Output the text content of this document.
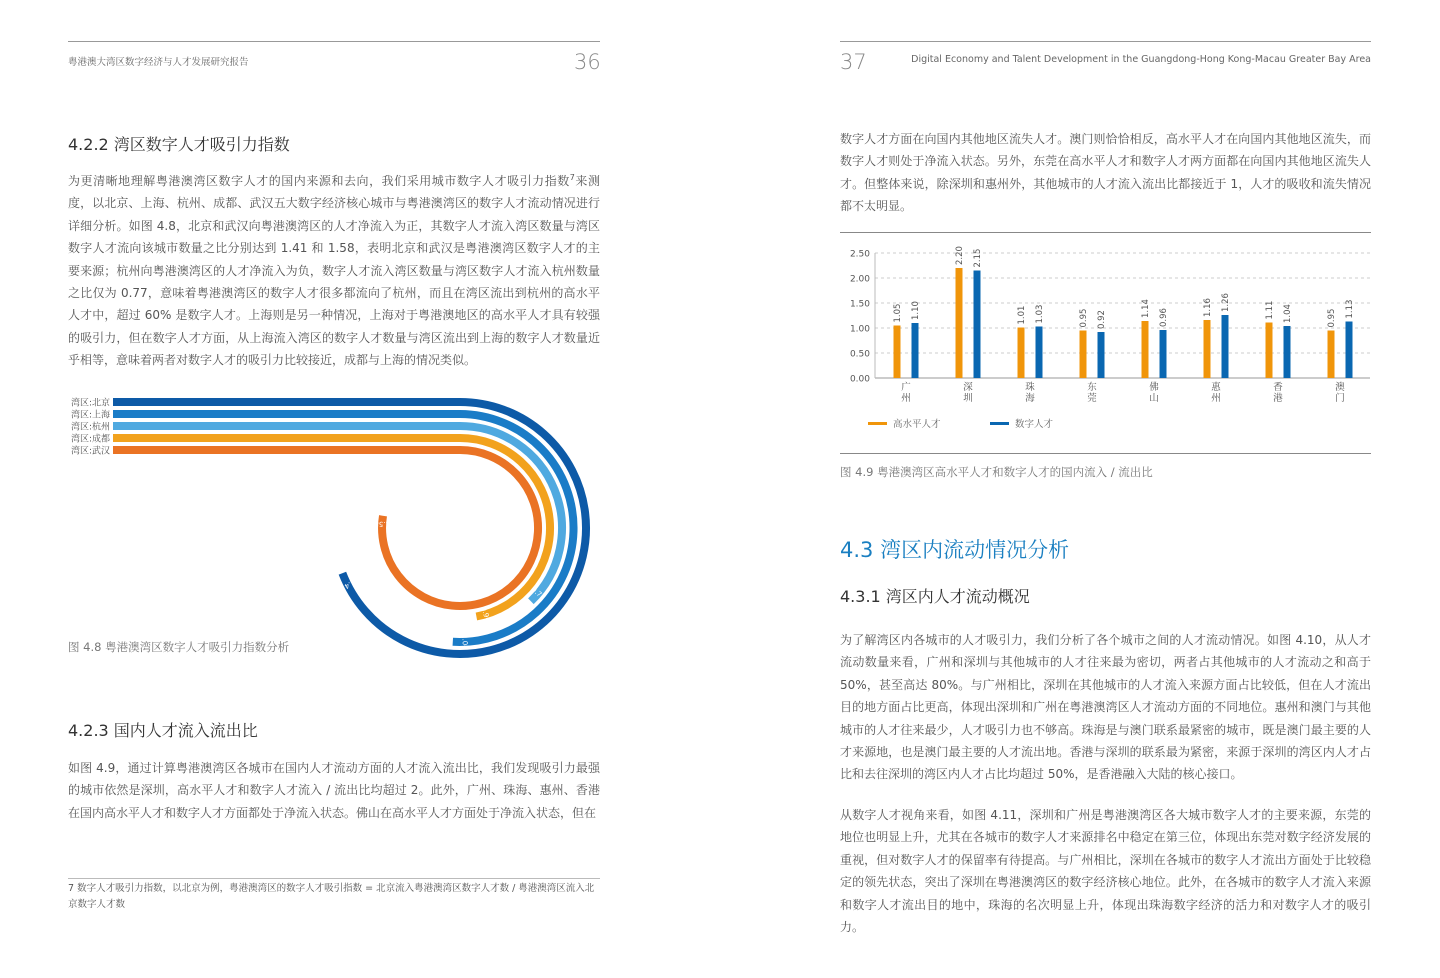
粤港澳大湾区数字经济与人才发展研究报告	36
4.2.2 湾区数字人才吸引力指数
为更清晰地理解粤港澳湾区数字人才的国内来源和去向，我们采用城市数字人才吸引力指数$^7$来测度，以北京、上海、杭州、成都、武汉五大数字经济核心城市与粤港澳湾区的数字人才流动情况进行详细分析。如图 4.8，北京和武汉向粤港澳湾区的人才净流入为正，其数字人才流入湾区数量与湾区数字人才流向该城市数量之比分别达到 1.41 和 1.58，表明北京和武汉是粤港澳湾区数字人才的主要来源；杭州向粤港澳湾区的人才净流入为负，数字人才流入湾区数量与湾区数字人才流入杭州数量之比仅为 0.77，意味着粤港澳湾区的数字人才很多都流向了杭州，而且在湾区流出到杭州的高水平人才中，超过 60% 是数字人才。上海则是另一种情况，上海对于粤港澳地区的高水平人才具有较强的吸引力，但在数字人才方面，从上海流入湾区的数字人才数量与湾区流出到上海的数字人才数量近乎相等，意味着两者对数字人才的吸引力比较接近，成都与上海的情况类似。
湾区:北京
1.41
湾区:上海
1.04
湾区:杭州
0.77
湾区:成都
0.96
湾区:武汉
1.58
图 4.8 粤港澳湾区数字人才吸引力指数分析
4.2.3 国内人才流入流出比
如图 4.9，通过计算粤港澳湾区各城市在国内人才流动方面的人才流入流出比，我们发现吸引力最强的城市依然是深圳，高水平人才和数字人才流入 / 流出比均超过 2。此外，广州、珠海、惠州、香港在国内高水平人才和数字人才方面都处于净流入状态。佛山在高水平人才方面处于净流入状态，但在
7 数字人才吸引力指数，以北京为例，粤港澳湾区的数字人才吸引指数 = 北京流入粤港澳湾区数字人才数 / 粤港澳湾区流入北京数字人才数
37	Digital Economy and Talent Development in the Guangdong-Hong Kong-Macau Greater Bay Area
数字人才方面在向国内其他地区流失人才。澳门则恰恰相反，高水平人才在向国内其他地区流失，而数字人才则处于净流入状态。另外，东莞在高水平人才和数字人才两方面都在向国内其他地区流失人才。但整体来说，除深圳和惠州外，其他城市的人才流入流出比都接近于 1，人才的吸收和流失情况都不太明显。
0.00
0.50
1.00
1.50
2.00
2.50
1.05 1.10
广
州
2.20 2.15
深
圳
1.01 1.03
珠
海
0.95 0.92
东
莞
1.14 0.96
佛
山
1.16 1.26
惠
州
1.11 1.04
香
港
0.95 1.13
澳
门
高水平人才	数字人才
图 4.9 粤港澳湾区高水平人才和数字人才的国内流入 / 流出比
4.3 湾区内流动情况分析
4.3.1 湾区内人才流动概况
为了解湾区内各城市的人才吸引力，我们分析了各个城市之间的人才流动情况。如图 4.10，从人才流动数量来看，广州和深圳与其他城市的人才往来最为密切，两者占其他城市的人才流动之和高于 50%，甚至高达 80%。与广州相比，深圳在其他城市的人才流入来源方面占比较低，但在人才流出目的地方面占比更高，体现出深圳和广州在粤港澳湾区人才流动方面的不同地位。惠州和澳门与其他城市的人才往来最少，人才吸引力也不够高。珠海是与澳门联系最紧密的城市，既是澳门最主要的人才来源地，也是澳门最主要的人才流出地。香港与深圳的联系最为紧密，来源于深圳的湾区内人才占比和去往深圳的湾区内人才占比均超过 50%，是香港融入大陆的核心接口。
从数字人才视角来看，如图 4.11，深圳和广州是粤港澳湾区各大城市数字人才的主要来源，东莞的地位也明显上升，尤其在各城市的数字人才来源排名中稳定在第三位，体现出东莞对数字经济发展的重视，但对数字人才的保留率有待提高。与广州相比，深圳在各城市的数字人才流出方面处于比较稳定的领先状态，突出了深圳在粤港澳湾区的数字经济核心地位。此外，在各城市的数字人才流入来源和数字人才流出目的地中，珠海的名次明显上升，体现出珠海数字经济的活力和对数字人才的吸引力。
